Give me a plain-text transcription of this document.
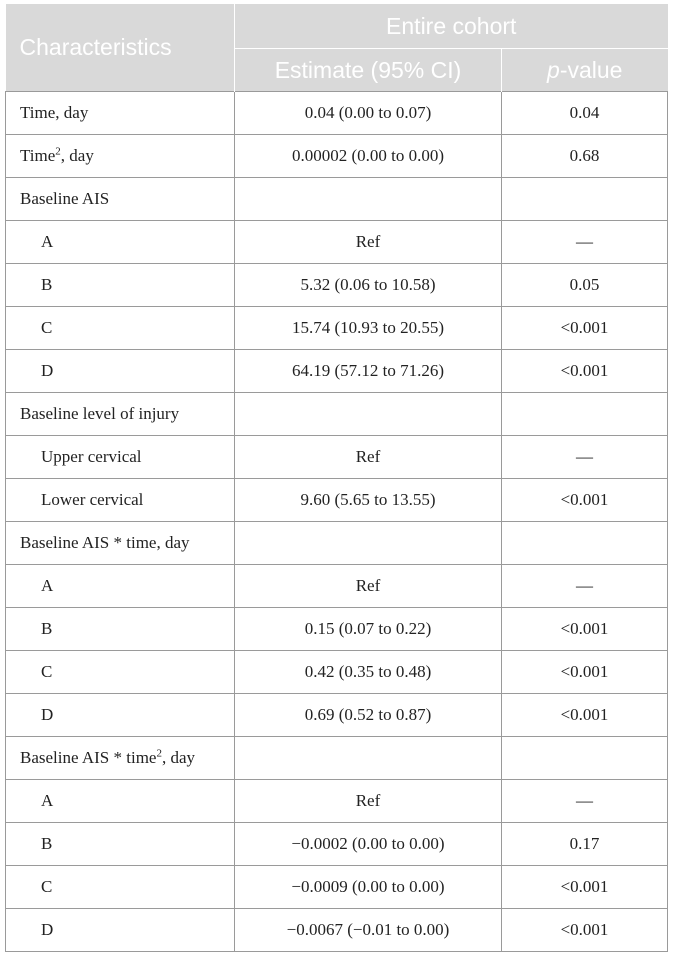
Characteristics	Entire cohort	
	Estimate (95% CI)	p-value
Time, day	0.04 (0.00 to 0.07)	0.04
Time$^2$, day	0.00002 (0.00 to 0.00)	0.68
Baseline AIS		
A	Ref	—
B	5.32 (0.06 to 10.58)	0.05
C	15.74 (10.93 to 20.55)	<0.001
D	64.19 (57.12 to 71.26)	<0.001
Baseline level of injury		
Upper cervical	Ref	—
Lower cervical	9.60 (5.65 to 13.55)	<0.001
Baseline AIS * time, day		
A	Ref	—
B	0.15 (0.07 to 0.22)	<0.001
C	0.42 (0.35 to 0.48)	<0.001
D	0.69 (0.52 to 0.87)	<0.001
Baseline AIS * time$^2$, day		
A	Ref	—
B	−0.0002 (0.00 to 0.00)	0.17
C	−0.0009 (0.00 to 0.00)	<0.001
D	−0.0067 (−0.01 to 0.00)	<0.001
